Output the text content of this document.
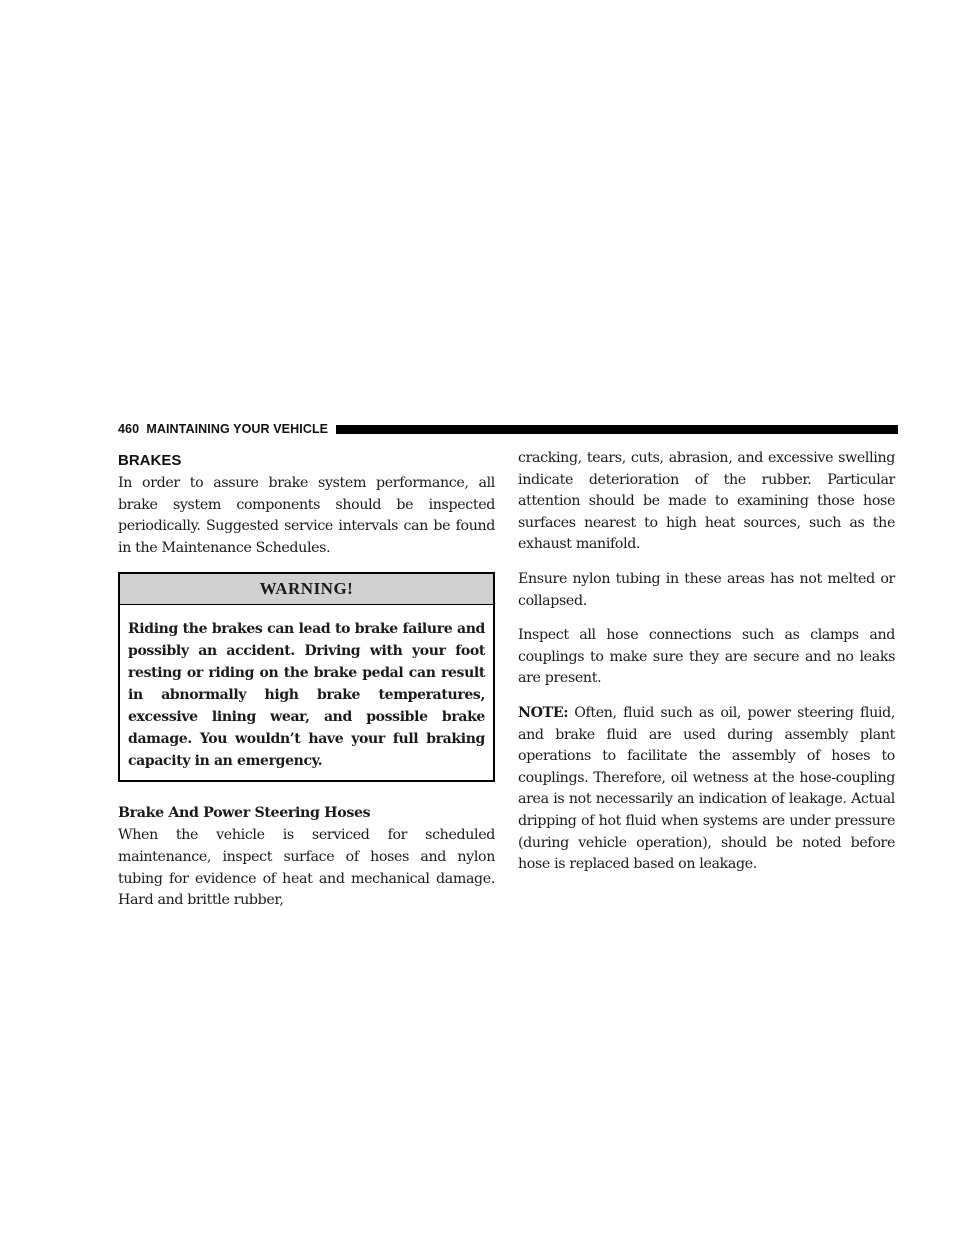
460 MAINTAINING YOUR VEHICLE
BRAKES

In order to assure brake system performance, all brake system components should be inspected periodically. Suggested service intervals can be found in the Maintenance Schedules.

WARNING!
Riding the brakes can lead to brake failure and possibly an accident. Driving with your foot resting or riding on the brake pedal can result in abnormally high brake temperatures, excessive lining wear, and possible brake damage. You wouldn’t have your full braking capacity in an emergency.
Brake And Power Steering Hoses

When the vehicle is serviced for scheduled maintenance, inspect surface of hoses and nylon tubing for evidence of heat and mechanical damage. Hard and brittle rubber,

cracking, tears, cuts, abrasion, and excessive swelling indicate deterioration of the rubber. Particular attention should be made to examining those hose surfaces nearest to high heat sources, such as the exhaust manifold.

Ensure nylon tubing in these areas has not melted or collapsed.

Inspect all hose connections such as clamps and couplings to make sure they are secure and no leaks are present.

NOTE: Often, fluid such as oil, power steering fluid, and brake fluid are used during assembly plant operations to facilitate the assembly of hoses to couplings. Therefore, oil wetness at the hose-coupling area is not necessarily an indication of leakage. Actual dripping of hot fluid when systems are under pressure (during vehicle operation), should be noted before hose is replaced based on leakage.
